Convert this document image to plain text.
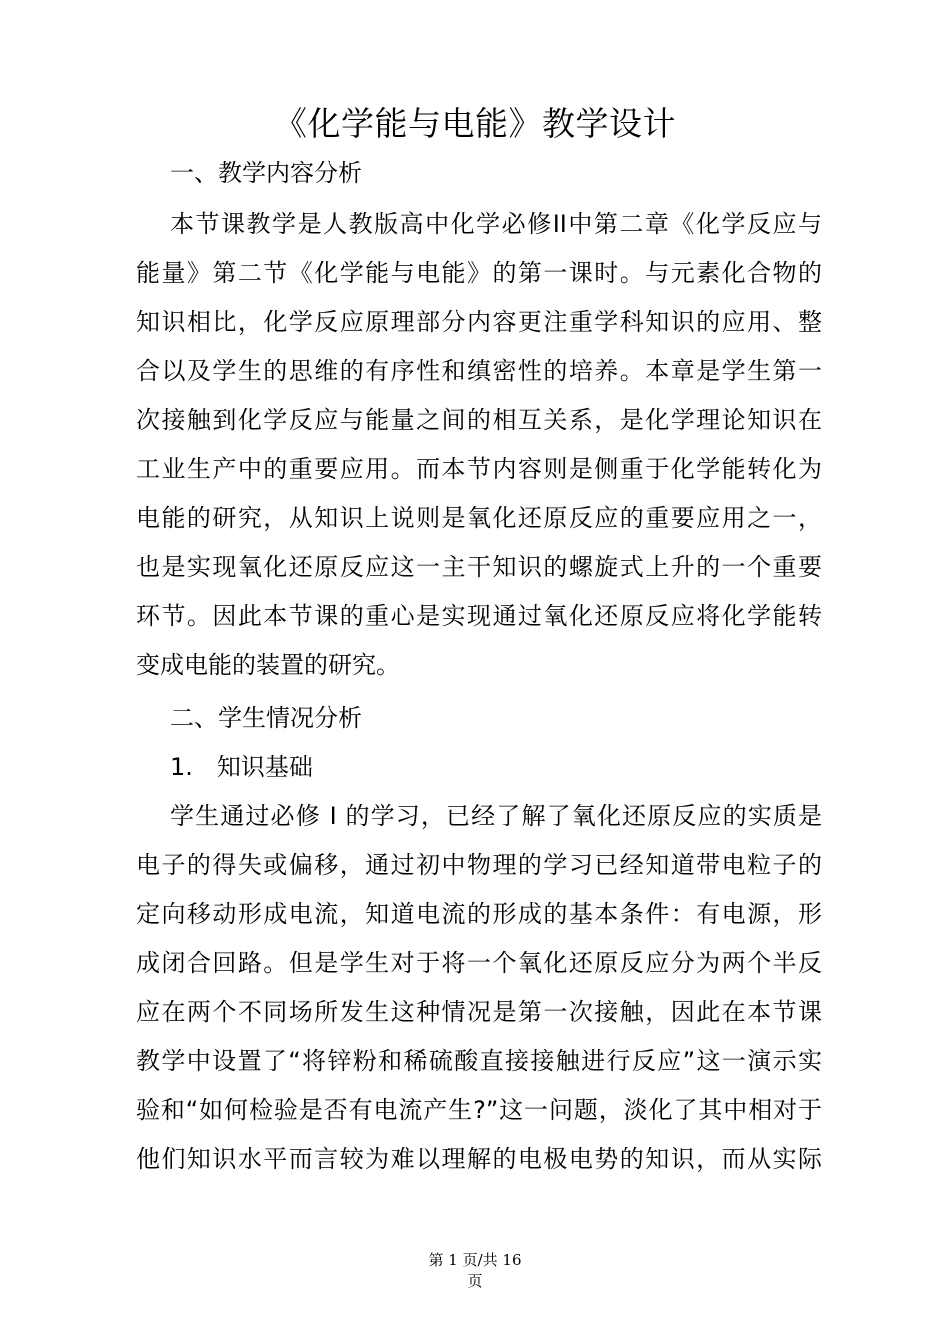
《化学能与电能》教学设计
一、教学内容分析
本节课教学是人教版高中化学必修II中第二章《化学反应与
能量》第二节《化学能与电能》的第一课时。与元素化合物的
知识相比，化学反应原理部分内容更注重学科知识的应用、整
合以及学生的思维的有序性和缜密性的培养。本章是学生第一
次接触到化学反应与能量之间的相互关系，是化学理论知识在
工业生产中的重要应用。而本节内容则是侧重于化学能转化为
电能的研究，从知识上说则是氧化还原反应的重要应用之一，
也是实现氧化还原反应这一主干知识的螺旋式上升的一个重要
环节。因此本节课的重心是实现通过氧化还原反应将化学能转
变成电能的装置的研究。
二、学生情况分析
1.　知识基础
学生通过必修 I 的学习，已经了解了氧化还原反应的实质是
电子的得失或偏移，通过初中物理的学习已经知道带电粒子的
定向移动形成电流，知道电流的形成的基本条件：有电源，形
成闭合回路。但是学生对于将一个氧化还原反应分为两个半反
应在两个不同场所发生这种情况是第一次接触，因此在本节课
教学中设置了“将锌粉和稀硫酸直接接触进行反应”这一演示实
验和“如何检验是否有电流产生?”这一问题，淡化了其中相对于
他们知识水平而言较为难以理解的电极电势的知识，而从实际
第 1 页/共 16
页
